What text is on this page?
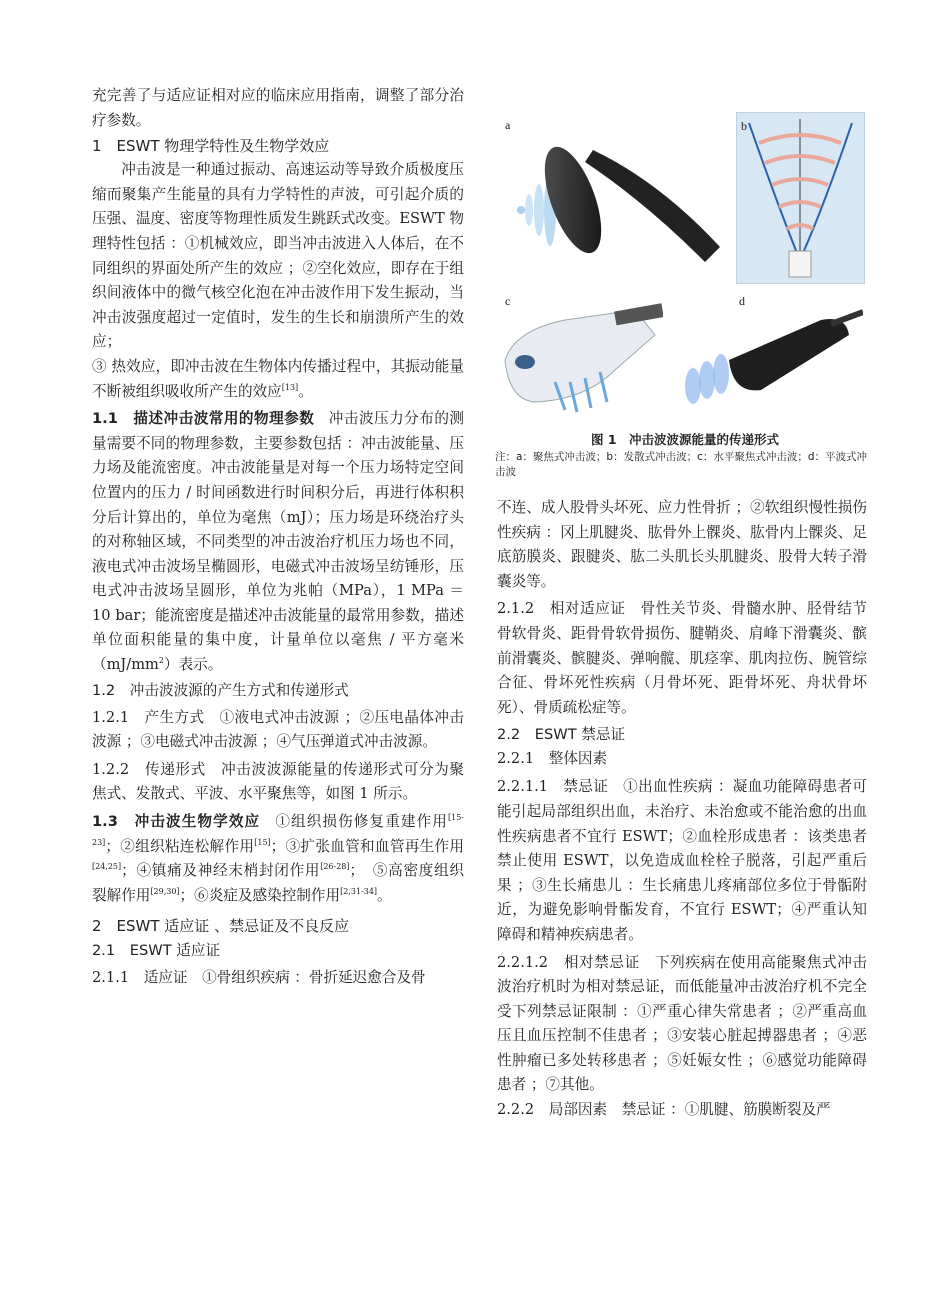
充完善了与适应证相对应的临床应用指南，调整了部分治疗参数。

1　ESWT 物理学特性及生物学效应

冲击波是一种通过振动、高速运动等导致介质极度压缩而聚集产生能量的具有力学特性的声波，可引起介质的压强、温度、密度等物理性质发生跳跃式改变。ESWT 物理特性包括 ：①机械效应，即当冲击波进入人体后，在不同组织的界面处所产生的效应 ；②空化效应，即存在于组织间液体中的微气核空化泡在冲击波作用下发生振动，当冲击波强度超过一定值时，发生的生长和崩溃所产生的效应；

③ 热效应，即冲击波在生物体内传播过程中，其振动能量不断被组织吸收所产生的效应[13]。

1.1　描述冲击波常用的物理参数 冲击波压力分布的测量需要不同的物理参数，主要参数包括 ：冲击波能量、压力场及能流密度。冲击波能量是对每一个压力场特定空间位置内的压力 / 时间函数进行时间积分后，再进行体积积分后计算出的，单位为毫焦（mJ）；压力场是环绕治疗头的对称轴区域，不同类型的冲击波治疗机压力场也不同，液电式冲击波场呈椭圆形，电磁式冲击波场呈纺锤形，压电式冲击波场呈圆形，单位为兆帕（MPa），1 MPa ＝ 10 bar；能流密度是描述冲击波能量的最常用参数，描述单位面积能量的集中度，计量单位以毫焦 / 平方毫米$(mJ/mm^2)$表示。

1.2　冲击波波源的产生方式和传递形式

1.2.1　产生方式　①液电式冲击波源 ；②压电晶体冲击波源 ；③电磁式冲击波源 ；④气压弹道式冲击波源。

1.2.2　传递形式　冲击波波源能量的传递形式可分为聚焦式、发散式、平波、水平聚焦等，如图 1 所示。

1.3　冲击波生物学效应 ①组织损伤修复重建作用[15-23]；②组织粘连松解作用[15]；③扩张血管和血管再生作用[24,25]；④镇痛及神经末梢封闭作用[26-28]；　⑤高密度组织裂解作用[29,30]；⑥炎症及感染控制作用[2,31-34]。

2　ESWT 适应证 、禁忌证及不良反应

2.1　ESWT 适应证

2.1.1　适应证　①骨组织疾病 ：骨折延迟愈合及骨

a	b
c	d
图 1　冲击波波源能量的传递形式
注：a：聚焦式冲击波；b：发散式冲击波；c：水平聚焦式冲击波；d：平波式冲击波

不连、成人股骨头坏死、应力性骨折 ；②软组织慢性损伤性疾病 ：冈上肌腱炎、肱骨外上髁炎、肱骨内上髁炎、足底筋膜炎、跟腱炎、肱二头肌长头肌腱炎、股骨大转子滑囊炎等。

2.1.2　相对适应证　骨性关节炎、骨髓水肿、胫骨结节骨软骨炎、距骨骨软骨损伤、腱鞘炎、肩峰下滑囊炎、髌前滑囊炎、髌腱炎、弹响髋、肌痉挛、肌肉拉伤、腕管综合征、骨坏死性疾病（月骨坏死、距骨坏死、舟状骨坏死）、骨质疏松症等。

2.2　ESWT 禁忌证

2.2.1　整体因素

2.2.1.1　禁忌证　①出血性疾病 ：凝血功能障碍患者可能引起局部组织出血，未治疗、未治愈或不能治愈的出血性疾病患者不宜行 ESWT；②血栓形成患者 ：该类患者禁止使用 ESWT，以免造成血栓栓子脱落，引起严重后果 ；③生长痛患儿 ：生长痛患儿疼痛部位多位于骨骺附近，为避免影响骨骺发育，不宜行 ESWT；④严重认知障碍和精神疾病患者。

2.2.1.2　相对禁忌证　下列疾病在使用高能聚焦式冲击波治疗机时为相对禁忌证，而低能量冲击波治疗机不完全受下列禁忌证限制 ：①严重心律失常患者 ；②严重高血压且血压控制不佳患者 ；③安装心脏起搏器患者 ；④恶性肿瘤已多处转移患者 ；⑤妊娠女性 ；⑥感觉功能障碍患者 ；⑦其他。

2.2.2　局部因素　禁忌证 ：①肌腱、筋膜断裂及严
